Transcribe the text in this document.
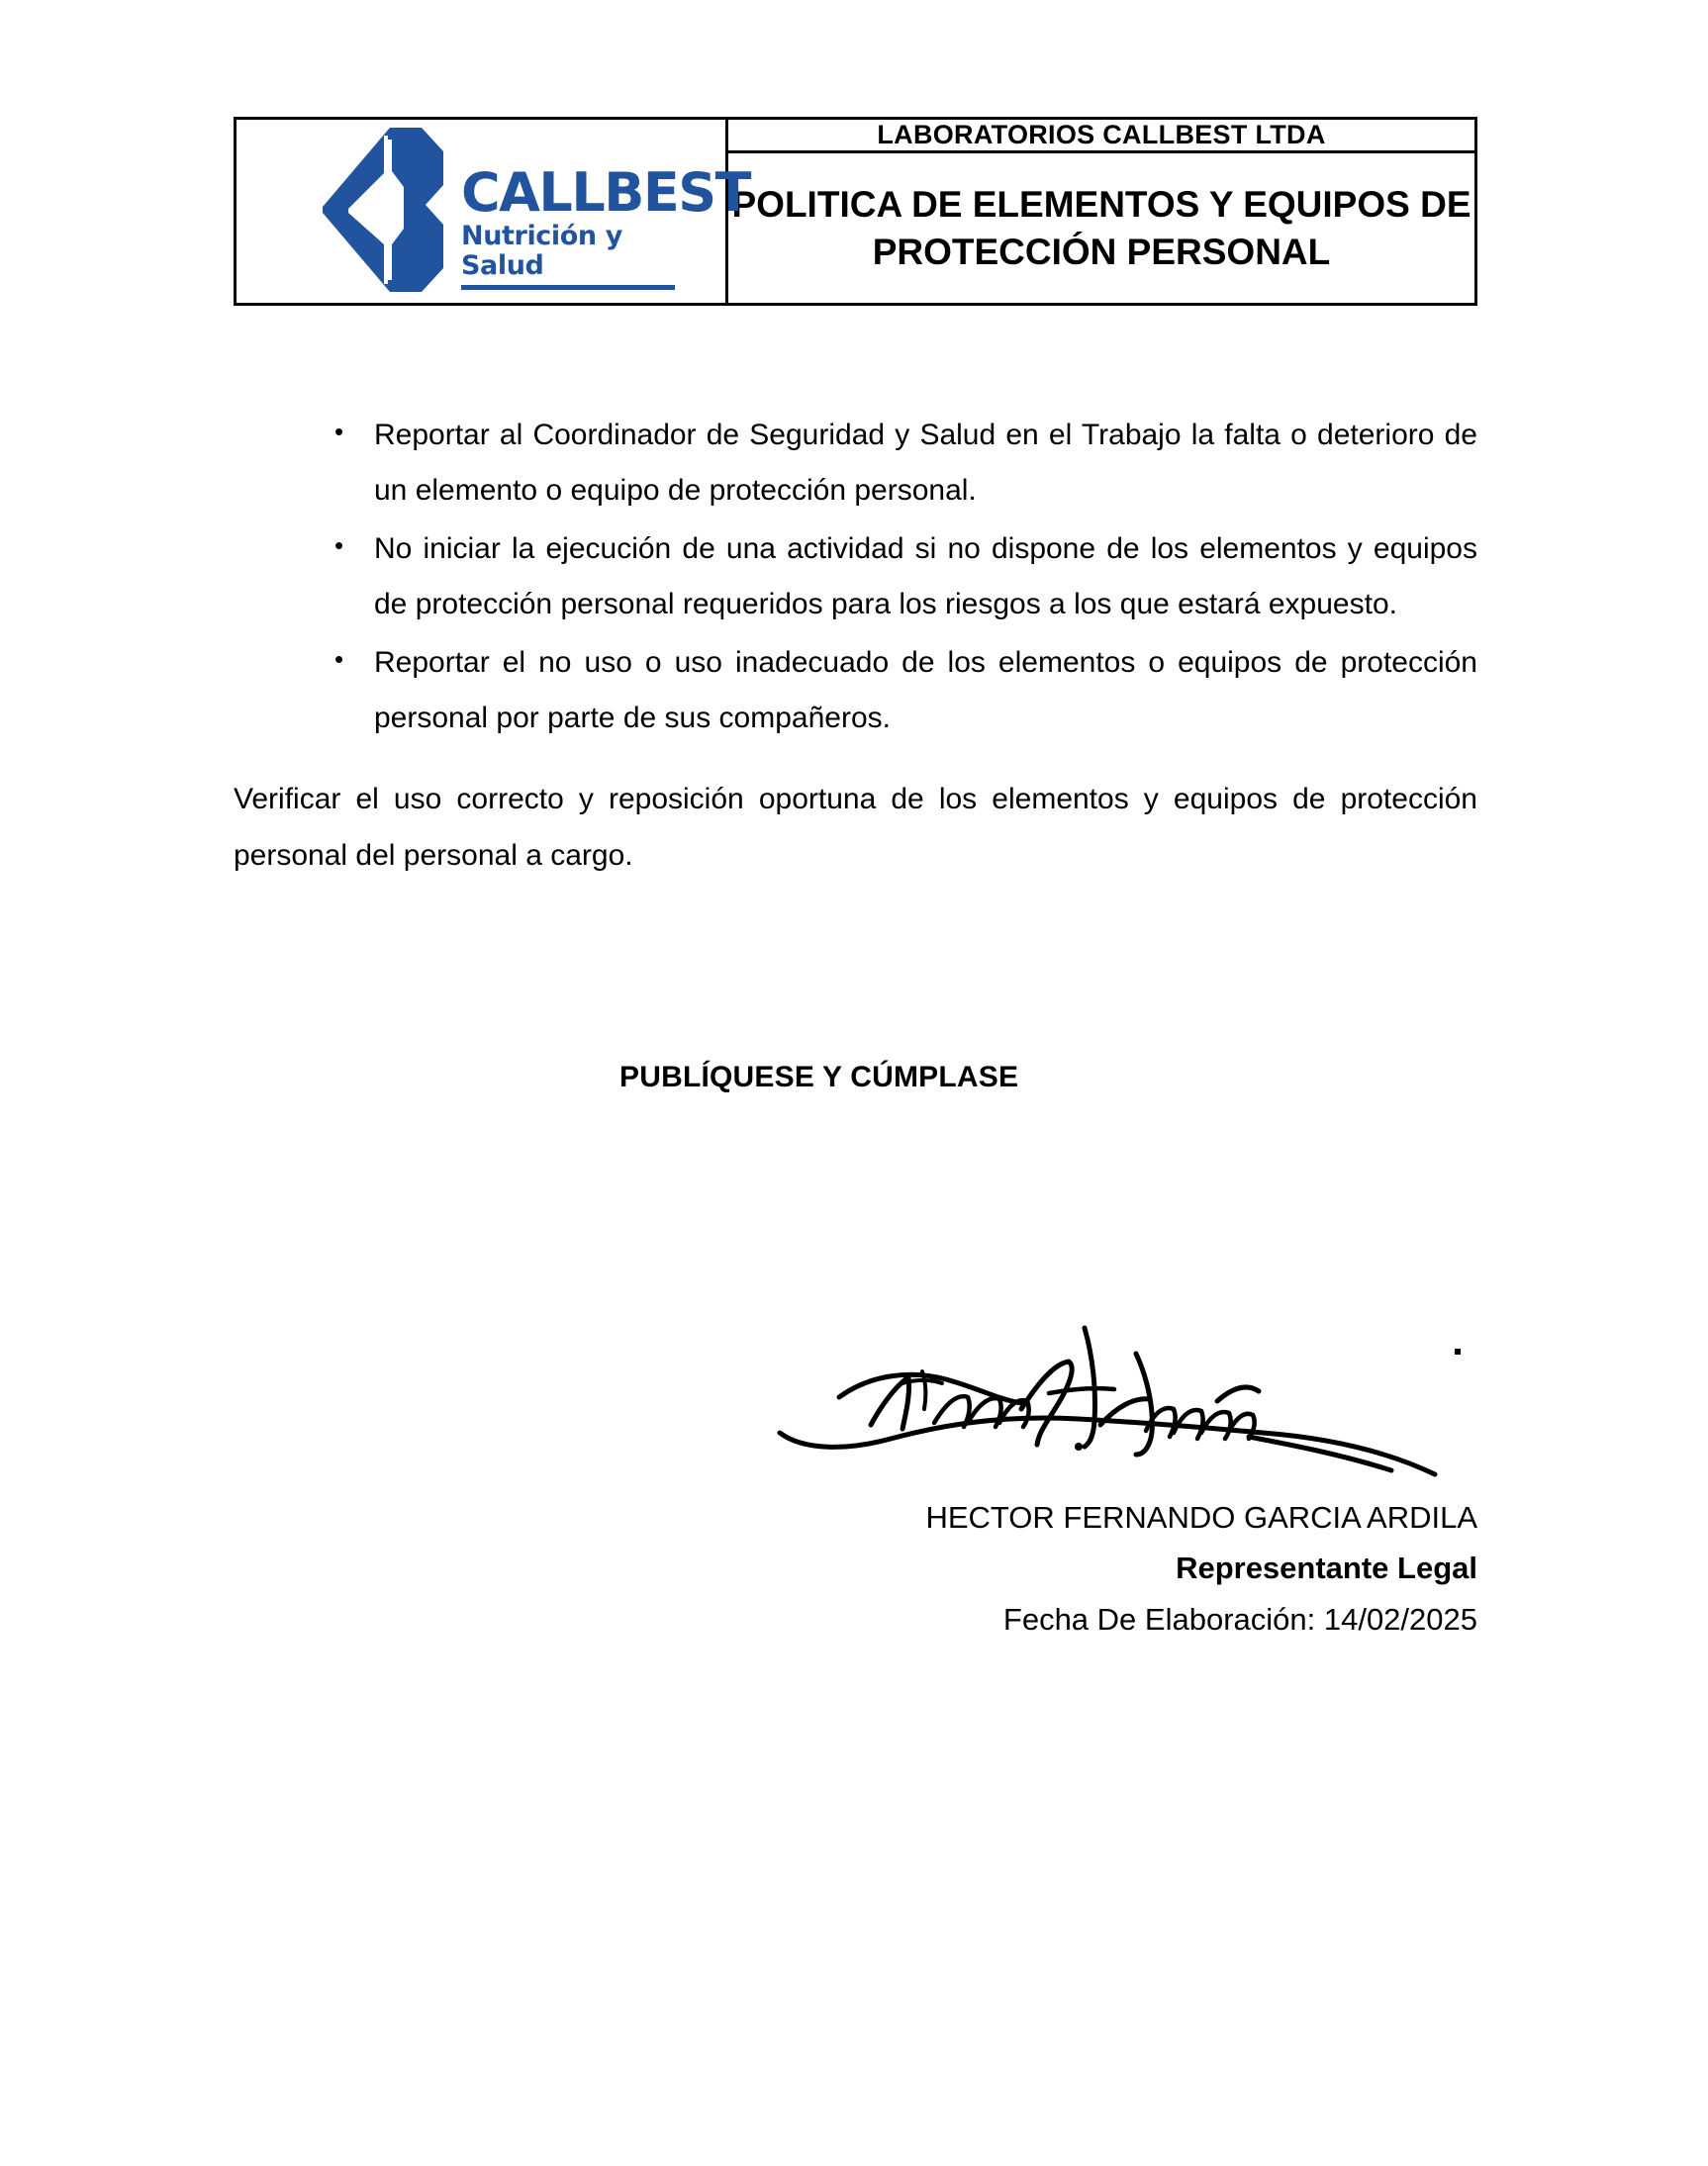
CALLBEST
Nutrición y Salud
	LABORATORIOS CALLBEST LTDA
POLITICA DE ELEMENTOS Y EQUIPOS DE PROTECCIÓN PERSONAL
• Reportar al Coordinador de Seguridad y Salud en el Trabajo la falta o deterioro de un elemento o equipo de protección personal.
• No iniciar la ejecución de una actividad si no dispone de los elementos y equipos de protección personal requeridos para los riesgos a los que estará expuesto.
• Reportar el no uso o uso inadecuado de los elementos o equipos de protección personal por parte de sus compañeros.

Verificar el uso correcto y reposición oportuna de los elementos y equipos de protección personal del personal a cargo.

PUBLÍQUESE Y CÚMPLASE
HECTOR FERNANDO GARCIA ARDILA
Representante Legal
Fecha De Elaboración: 14/02/2025
